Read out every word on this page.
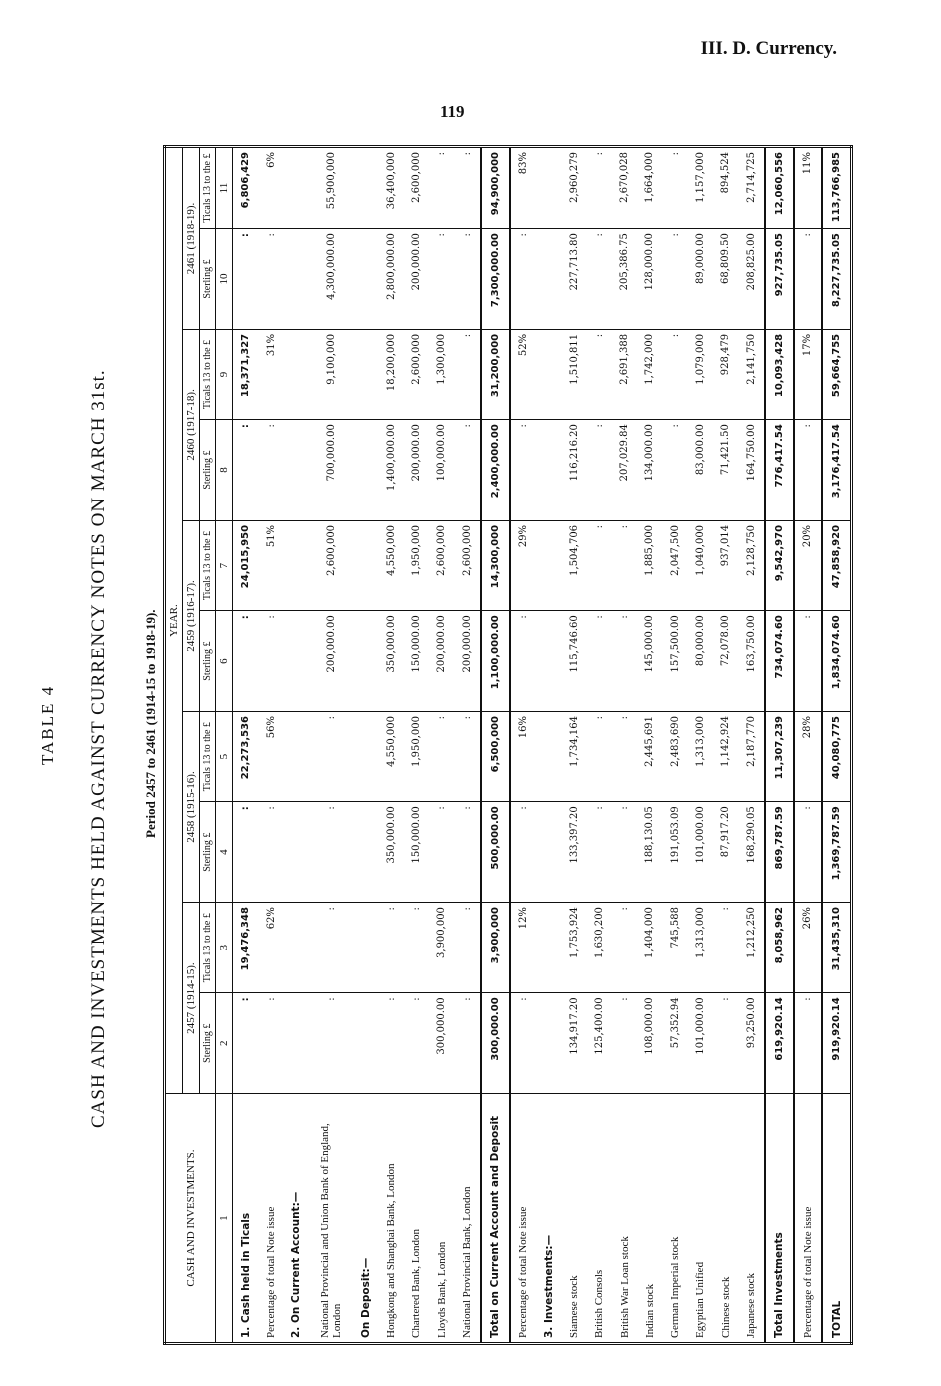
III. D. Currency.
119
TABLE 4 CASH AND INVESTMENTS HELD AGAINST CURRENCY NOTES ON MARCH 31st.	Period 2457 to 2461 (1914-15 to 1918-19).
CASH AND INVESTMENTS.	YEAR.									
	2457 (1914-15).		2458 (1915-16).		2459 (1916-17).		2460 (1917-18).		2461 (1918-19).	
	Sterling £	Ticals 13 to the £	Sterling £	Ticals 13 to the £	Sterling £	Ticals 13 to the £	Sterling £	Ticals 13 to the £	Sterling £	Ticals 13 to the £
1	2	3	4	5	6	7	8	9	10	11
1. Cash held in Ticals	:	19,476,348	:	22,273,536	:	24,015,950	:	18,371,327	:	6,806,429
Percentage of total Note issue	:	62%	:	56%	:	51%	:	31%	:	6%
2. On Current Account:—										
National Provincial and Union Bank of England, London	:	:	:	:	200,000.00	2,600,000	700,000.00	9,100,000	4,300,000.00	55,900,000
On Deposit:—										
Hongkong and Shanghai Bank, London	:	:	350,000.00	4,550,000	350,000.00	4,550,000	1,400,000.00	18,200,000	2,800,000.00	36,400,000
Chartered Bank, London	:	:	150,000.00	1,950,000	150,000.00	1,950,000	200,000.00	2,600,000	200,000.00	2,600,000
Lloyds Bank, London	300,000.00	3,900,000	:	:	200,000.00	2,600,000	100,000.00	1,300,000	:	:
National Provincial Bank, London	:	:	:	:	200,000.00	2,600,000	:	:	:	:
Total on Current Account and Deposit	300,000.00	3,900,000	500,000.00	6,500,000	1,100,000.00	14,300,000	2,400,000.00	31,200,000	7,300,000.00	94,900,000
Percentage of total Note issue	:	12%	:	16%	:	29%	:	52%	:	83%
3. Investments:—										
Siamese stock	134,917.20	1,753,924	133,397.20	1,734,164	115,746.60	1,504,706	116,216.20	1,510,811	227,713.80	2,960,279
British Consols	125,400.00	1,630,200	:	:	:	:	:	:	:	:
British War Loan stock	:	:	:	:	:	:	207,029.84	2,691,388	205,386.75	2,670,028
Indian stock	108,000.00	1,404,000	188,130.05	2,445,691	145,000.00	1,885,000	134,000.00	1,742,000	128,000.00	1,664,000
German Imperial stock	57,352.94	745,588	191,053.09	2,483,690	157,500.00	2,047,500	:	:	:	:
Egyptian Unified	101,000.00	1,313,000	101,000.00	1,313,000	80,000.00	1,040,000	83,000.00	1,079,000	89,000.00	1,157,000
Chinese stock	:	:	87,917.20	1,142,924	72,078.00	937,014	71,421.50	928,479	68,809.50	894,524
Japanese stock	93,250.00	1,212,250	168,290.05	2,187,770	163,750.00	2,128,750	164,750.00	2,141,750	208,825.00	2,714,725
Total Investments	619,920.14	8,058,962	869,787.59	11,307,239	734,074.60	9,542,970	776,417.54	10,093,428	927,735.05	12,060,556
Percentage of total Note issue	:	26%	:	28%	:	20%	:	17%	:	11%
TOTAL	919,920.14	31,435,310	1,369,787.59	40,080,775	1,834,074.60	47,858,920	3,176,417.54	59,664,755	8,227,735.05	113,766,985
